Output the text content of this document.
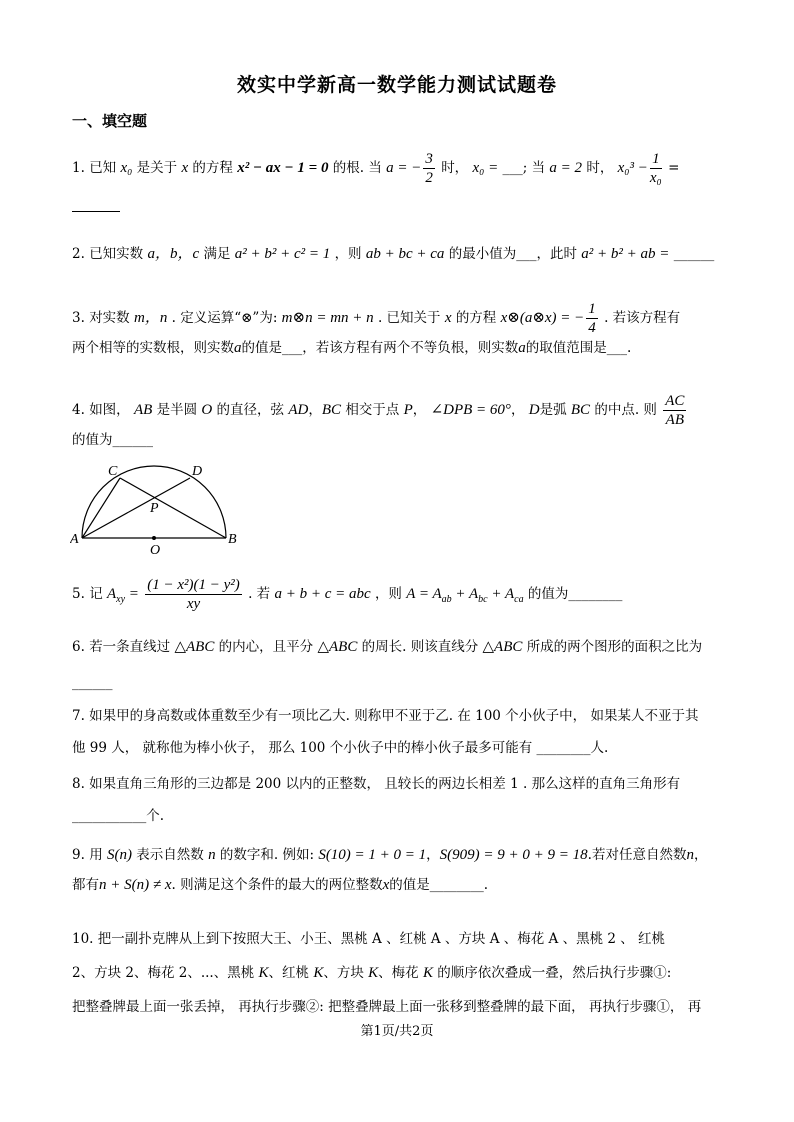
效实中学新高一数学能力测试试题卷
一、填空题
1. 已知 x₀ 是关于 x 的方程 x² − ax − 1 = 0 的根. 当 a = − $\frac{3}{2}$ 时， x₀ = ___; 当 a = 2 时， $x_0^3 - \frac{1}{\text{x₀}}$ =
2. 已知实数 a，b，c 满足 a² + b² + c² = 1 ，则 ab + bc + ca 的最小值为___，此时 a² + b² + ab = ______
3. 对实数 m，n . 定义运算“⊗”为: m⊗n = mn + n . 已知关于 x 的方程 x⊗(a⊗x) = − $\frac{1}{4}$ . 若该方程有
两个相等的实数根，则实数a的值是___，若该方程有两个不等负根，则实数a的取值范围是___.
4. 如图， AB 是半圆 O 的直径，弦 AD，BC 相交于点 P， ∠DPB = 60°， D是弧 BC 的中点. 则 $\frac{AC}{AB}$
的值为______
A	B
C	D
P
O
5. 记 $A_{xy} = \frac{\text{(1 − x²)(1 − y²)}}{xy}$ . 若 a + b + c = abc ，则 $A = A_{ab} + A_{bc} + A_{ca}$ 的值为________
6. 若一条直线过 △ABC 的内心，且平分 △ABC 的周长. 则该直线分 △ABC 所成的两个图形的面积之比为
______
7. 如果甲的身高数或体重数至少有一项比乙大. 则称甲不亚于乙. 在 100 个小伙子中， 如果某人不亚于其
他 99 人， 就称他为棒小伙子， 那么 100 个小伙子中的棒小伙子最多可能有 ________人.
8. 如果直角三角形的三边都是 200 以内的正整数， 且较长的两边长相差 1 . 那么这样的直角三角形有
___________个.
9. 用 S(n) 表示自然数 n 的数字和. 例如: S(10) = 1 + 0 = 1，S(909) = 9 + 0 + 9 = 18.若对任意自然数n，
都有n + S(n) ≠ x. 则满足这个条件的最大的两位整数x的值是________.
10. 把一副扑克牌从上到下按照大王、小王、黑桃 A 、红桃 A 、方块 A 、梅花 A 、黑桃 2 、 红桃
2、方块 2、梅花 2、...、黑桃 K、红桃 K、方块 K、梅花 K 的顺序依次叠成一叠，然后执行步骤①:
把整叠牌最上面一张丢掉， 再执行步骤②: 把整叠牌最上面一张移到整叠牌的最下面， 再执行步骤①， 再
第1页/共2页
